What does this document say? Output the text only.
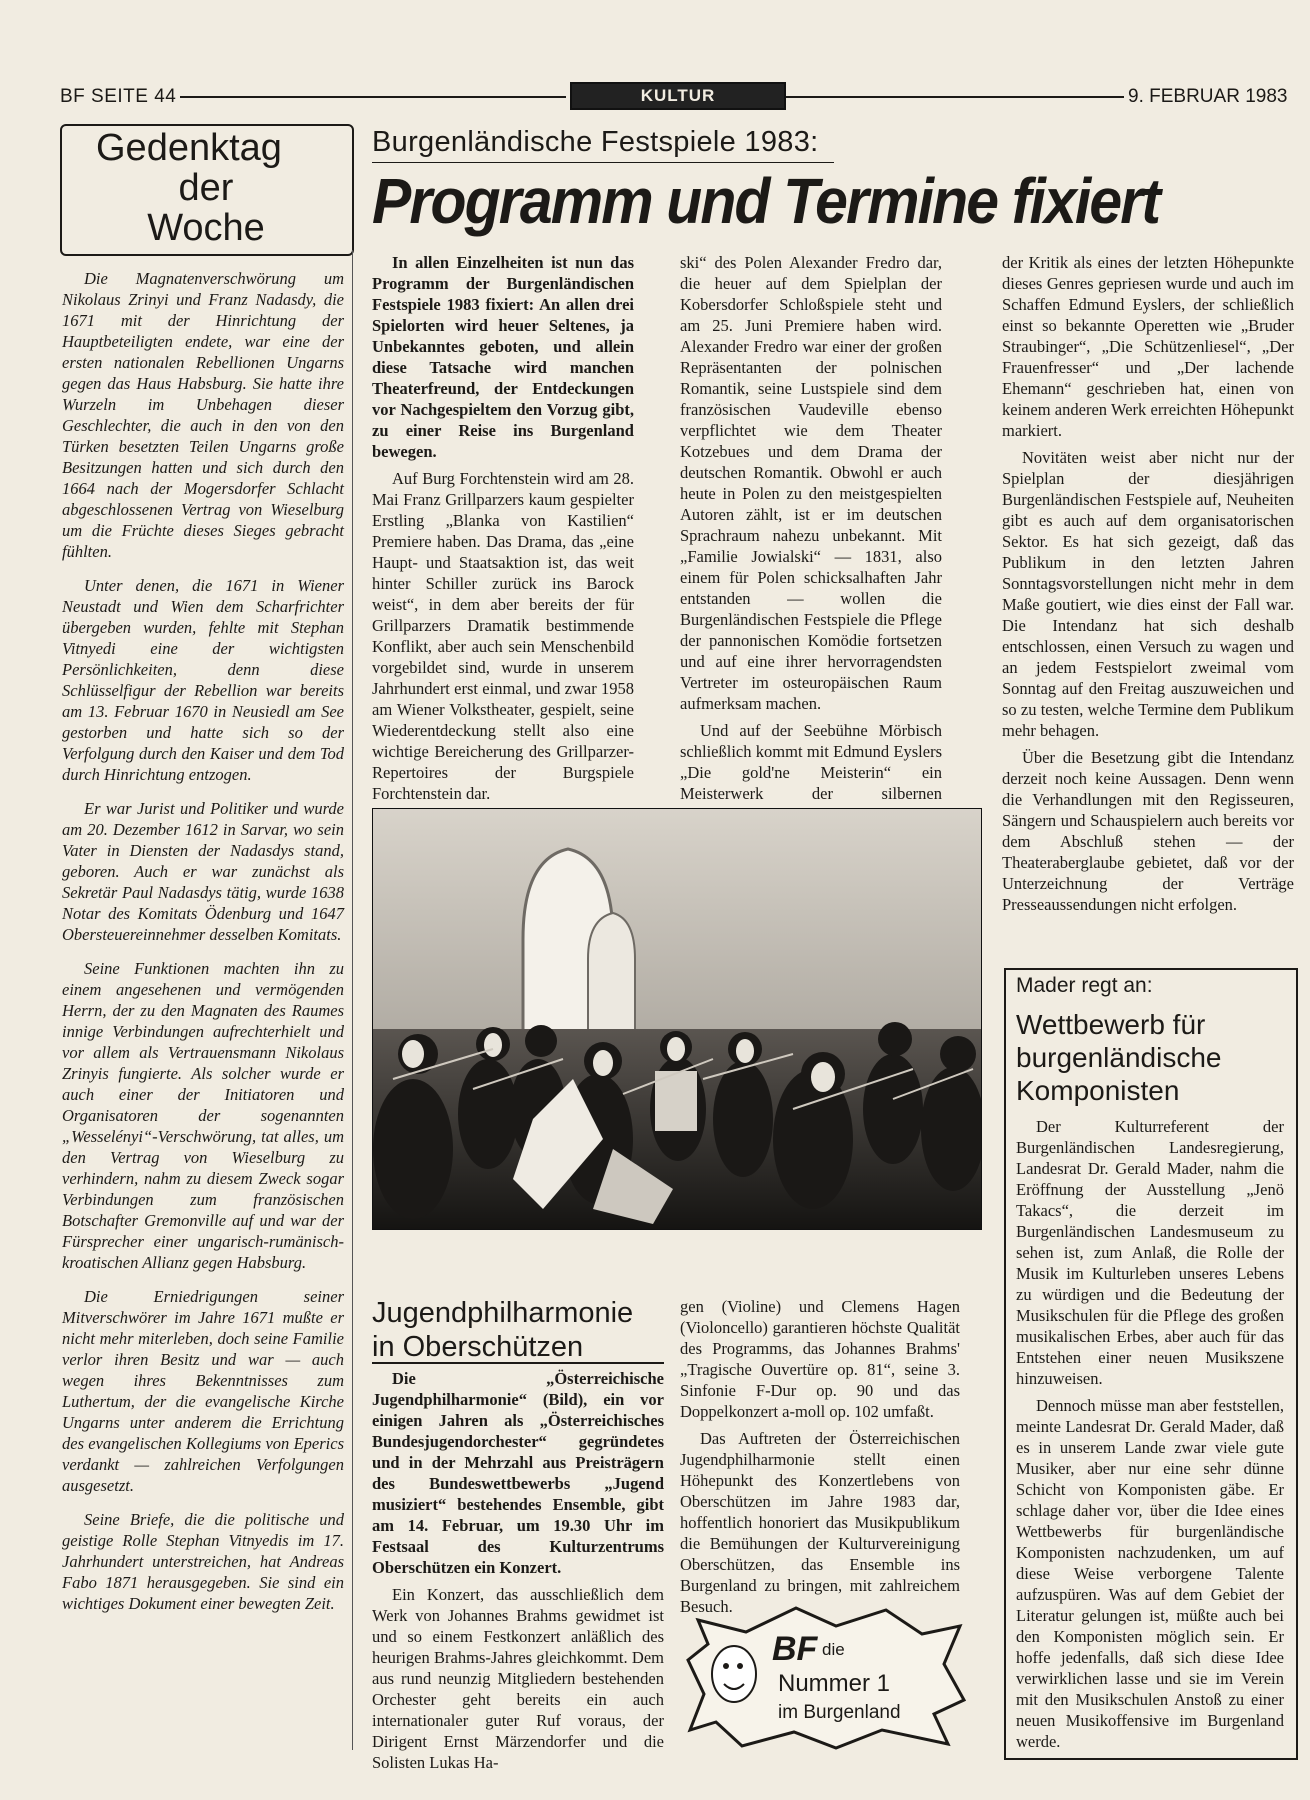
BF SEITE 44	KULTUR	9. FEBRUAR 1983
Gedenktag
der
Woche

Die Magnatenverschwörung um Nikolaus Zrinyi und Franz Nadasdy, die 1671 mit der Hinrichtung der Hauptbeteiligten endete, war eine der ersten nationalen Rebellionen Ungarns gegen das Haus Habsburg. Sie hatte ihre Wurzeln im Unbehagen dieser Geschlechter, die auch in den von den Türken besetzten Teilen Ungarns große Besitzungen hatten und sich durch den 1664 nach der Mogersdorfer Schlacht abgeschlossenen Vertrag von Wieselburg um die Früchte dieses Sieges gebracht fühlten.

Unter denen, die 1671 in Wiener Neustadt und Wien dem Scharfrichter übergeben wurden, fehlte mit Stephan Vitnyedi eine der wichtigsten Persönlichkeiten, denn diese Schlüsselfigur der Rebellion war bereits am 13. Februar 1670 in Neusiedl am See gestorben und hatte sich so der Verfolgung durch den Kaiser und dem Tod durch Hinrichtung entzogen.

Er war Jurist und Politiker und wurde am 20. Dezember 1612 in Sarvar, wo sein Vater in Diensten der Nadasdys stand, geboren. Auch er war zunächst als Sekretär Paul Nadasdys tätig, wurde 1638 Notar des Komitats Ödenburg und 1647 Obersteuereinnehmer desselben Komitats.

Seine Funktionen machten ihn zu einem angesehenen und vermögenden Herrn, der zu den Magnaten des Raumes innige Verbindungen aufrechterhielt und vor allem als Vertrauensmann Nikolaus Zrinyis fungierte. Als solcher wurde er auch einer der Initiatoren und Organisatoren der sogenannten „Wesselényi“-Verschwörung, tat alles, um den Vertrag von Wieselburg zu verhindern, nahm zu diesem Zweck sogar Verbindungen zum französischen Botschafter Gremonville auf und war der Fürsprecher einer ungarisch-rumänisch-kroatischen Allianz gegen Habsburg.

Die Erniedrigungen seiner Mitverschwörer im Jahre 1671 mußte er nicht mehr miterleben, doch seine Familie verlor ihren Besitz und war — auch wegen ihres Bekenntnisses zum Luthertum, der die evangelische Kirche Ungarns unter anderem die Errichtung des evangelischen Kollegiums von Eperics verdankt — zahlreichen Verfolgungen ausgesetzt.

Seine Briefe, die die politische und geistige Rolle Stephan Vitnyedis im 17. Jahrhundert unterstreichen, hat Andreas Fabo 1871 herausgegeben. Sie sind ein wichtiges Dokument einer bewegten Zeit.

Burgenländische Festspiele 1983:
Programm und Termine fixiert

In allen Einzelheiten ist nun das Programm der Burgenländischen Festspiele 1983 fixiert: An allen drei Spielorten wird heuer Seltenes, ja Unbekanntes geboten, und allein diese Tatsache wird manchen Theaterfreund, der Entdeckungen vor Nachgespieltem den Vorzug gibt, zu einer Reise ins Burgenland bewegen.

Auf Burg Forchtenstein wird am 28. Mai Franz Grillparzers kaum gespielter Erstling „Blanka von Kastilien“ Premiere haben. Das Drama, das „eine Haupt- und Staatsaktion ist, das weit hinter Schiller zurück ins Barock weist“, in dem aber bereits der für Grillparzers Dramatik bestimmende Konflikt, aber auch sein Menschenbild vorgebildet sind, wurde in unserem Jahrhundert erst einmal, und zwar 1958 am Wiener Volkstheater, gespielt, seine Wiederentdeckung stellt also eine wichtige Bereicherung des Grillparzer-Repertoires der Burgspiele Forchtenstein dar.

ski“ des Polen Alexander Fredro dar, die heuer auf dem Spielplan der Kobersdorfer Schloßspiele steht und am 25. Juni Premiere haben wird. Alexander Fredro war einer der großen Repräsentanten der polnischen Romantik, seine Lustspiele sind dem französischen Vaudeville ebenso verpflichtet wie dem Theater Kotzebues und dem Drama der deutschen Romantik. Obwohl er auch heute in Polen zu den meistgespielten Autoren zählt, ist er im deutschen Sprachraum nahezu unbekannt. Mit „Familie Jowialski“ — 1831, also einem für Polen schicksalhaften Jahr entstanden — wollen die Burgenländischen Festspiele die Pflege der pannonischen Komödie fortsetzen und auf eine ihrer hervorragendsten Vertreter im osteuropäischen Raum aufmerksam machen.

Und auf der Seebühne Mörbisch schließlich kommt mit Edmund Eyslers „Die gold'ne Meisterin“ ein Meisterwerk der silbernen

der Kritik als eines der letzten Höhepunkte dieses Genres gepriesen wurde und auch im Schaffen Edmund Eyslers, der schließlich einst so bekannte Operetten wie „Bruder Straubinger“, „Die Schützenliesel“, „Der Frauenfresser“ und „Der lachende Ehemann“ geschrieben hat, einen von keinem anderen Werk erreichten Höhepunkt markiert.

Novitäten weist aber nicht nur der Spielplan der diesjährigen Burgenländischen Festspiele auf, Neuheiten gibt es auch auf dem organisatorischen Sektor. Es hat sich gezeigt, daß das Publikum in den letzten Jahren Sonntagsvorstellungen nicht mehr in dem Maße goutiert, wie dies einst der Fall war. Die Intendanz hat sich deshalb entschlossen, einen Versuch zu wagen und an jedem Festspielort zweimal vom Sonntag auf den Freitag auszuweichen und so zu testen, welche Termine dem Publikum mehr behagen.

Über die Besetzung gibt die Intendanz derzeit noch keine Aussagen. Denn wenn die Verhandlungen mit den Regisseuren, Sängern und Schauspielern auch bereits vor dem Abschluß stehen — der Theateraberglaube gebietet, daß vor der Unterzeichnung der Verträge Presseaussendungen nicht erfolgen.

Jugendphilharmonie
in Oberschützen

Die „Österreichische Jugendphilharmonie“ (Bild), ein vor einigen Jahren als „Österreichisches Bundesjugendorchester“ gegründetes und in der Mehrzahl aus Preisträgern des Bundeswettbewerbs „Jugend musiziert“ bestehendes Ensemble, gibt am 14. Februar, um 19.30 Uhr im Festsaal des Kulturzentrums Oberschützen ein Konzert.

Ein Konzert, das ausschließlich dem Werk von Johannes Brahms gewidmet ist und so einem Festkonzert anläßlich des heurigen Brahms-Jahres gleichkommt. Dem aus rund neunzig Mitgliedern bestehenden Orchester geht bereits ein auch internationaler guter Ruf voraus, der Dirigent Ernst Märzendorfer und die Solisten Lukas Ha-

gen (Violine) und Clemens Hagen (Violoncello) garantieren höchste Qualität des Programms, das Johannes Brahms' „Tragische Ouvertüre op. 81“, seine 3. Sinfonie F-Dur op. 90 und das Doppelkonzert a-moll op. 102 umfaßt.

Das Auftreten der Österreichischen Jugendphilharmonie stellt einen Höhepunkt des Konzertlebens von Oberschützen im Jahre 1983 dar, hoffentlich honoriert das Musikpublikum die Bemühungen der Kulturvereinigung Oberschützen, das Ensemble ins Burgenland zu bringen, mit zahlreichem Besuch.

BF die
Nummer 1
im Burgenland
Mader regt an:
Wettbewerb für
burgenländische
Komponisten

Der Kulturreferent der Burgenländischen Landesregierung, Landesrat Dr. Gerald Mader, nahm die Eröffnung der Ausstellung „Jenö Takacs“, die derzeit im Burgenländischen Landesmuseum zu sehen ist, zum Anlaß, die Rolle der Musik im Kulturleben unseres Lebens zu würdigen und die Bedeutung der Musikschulen für die Pflege des großen musikalischen Erbes, aber auch für das Entstehen einer neuen Musikszene hinzuweisen.

Dennoch müsse man aber feststellen, meinte Landesrat Dr. Gerald Mader, daß es in unserem Lande zwar viele gute Musiker, aber nur eine sehr dünne Schicht von Komponisten gäbe. Er schlage daher vor, über die Idee eines Wettbewerbs für burgenländische Komponisten nachzudenken, um auf diese Weise verborgene Talente aufzuspüren. Was auf dem Gebiet der Literatur gelungen ist, müßte auch bei den Komponisten möglich sein. Er hoffe jedenfalls, daß sich diese Idee verwirklichen lasse und sie im Verein mit den Musikschulen Anstoß zu einer neuen Musikoffensive im Burgenland werde.
